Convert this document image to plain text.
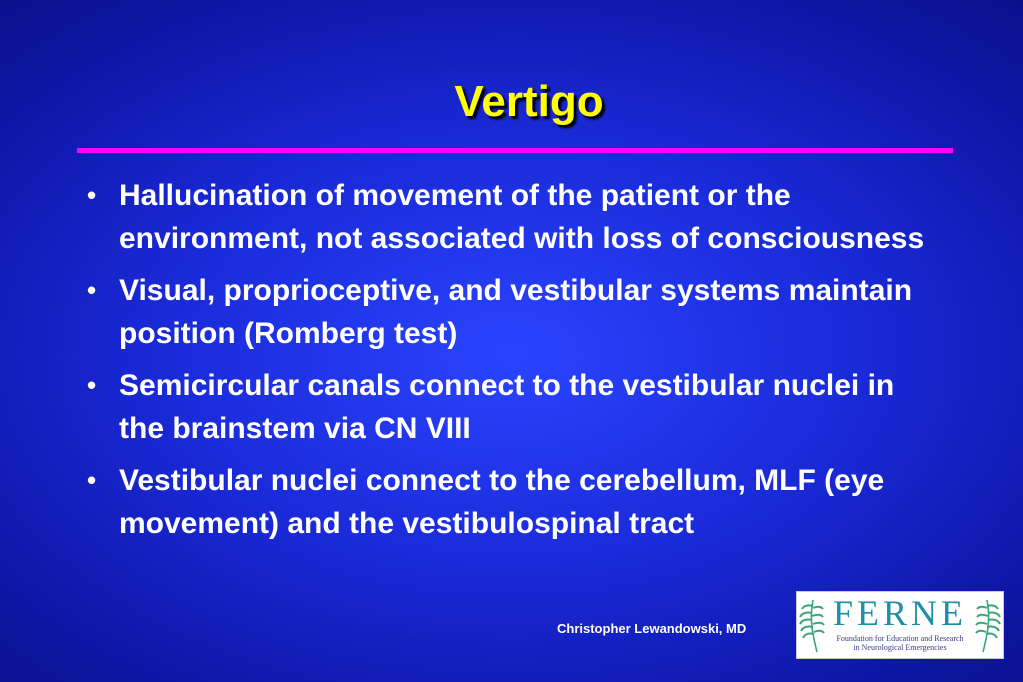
Vertigo
• Hallucination of movement of the patient or the environment, not associated with loss of consciousness
• Visual, proprioceptive, and vestibular systems maintain position (Romberg test)
• Semicircular canals connect to the vestibular nuclei in the brainstem via CN VIII
• Vestibular nuclei connect to the cerebellum, MLF (eye movement) and the vestibulospinal tract
Christopher Lewandowski, MD FERNE
Foundation for Education and Research
in Neurological Emergencies
